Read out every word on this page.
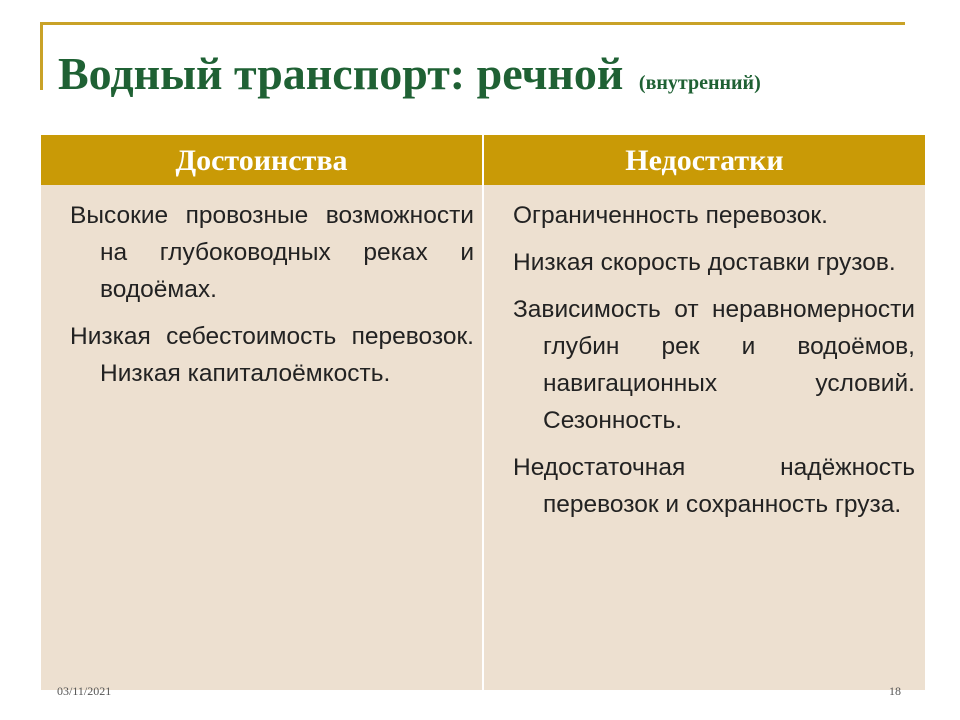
Водный транспорт: речной (внутренний)
Достоинства	Недостатки

Высокие провозные возможности на глубоководных реках и водоёмах.

Низкая себестоимость перевозок. Низкая капиталоёмкость.

Ограниченность перевозок.

Низкая скорость доставки грузов.

Зависимость от неравномерности глубин рек и водоёмов, навигационных условий. Сезонность.

Недостаточная надёжность перевозок и сохранность груза.

03/11/2021	18
